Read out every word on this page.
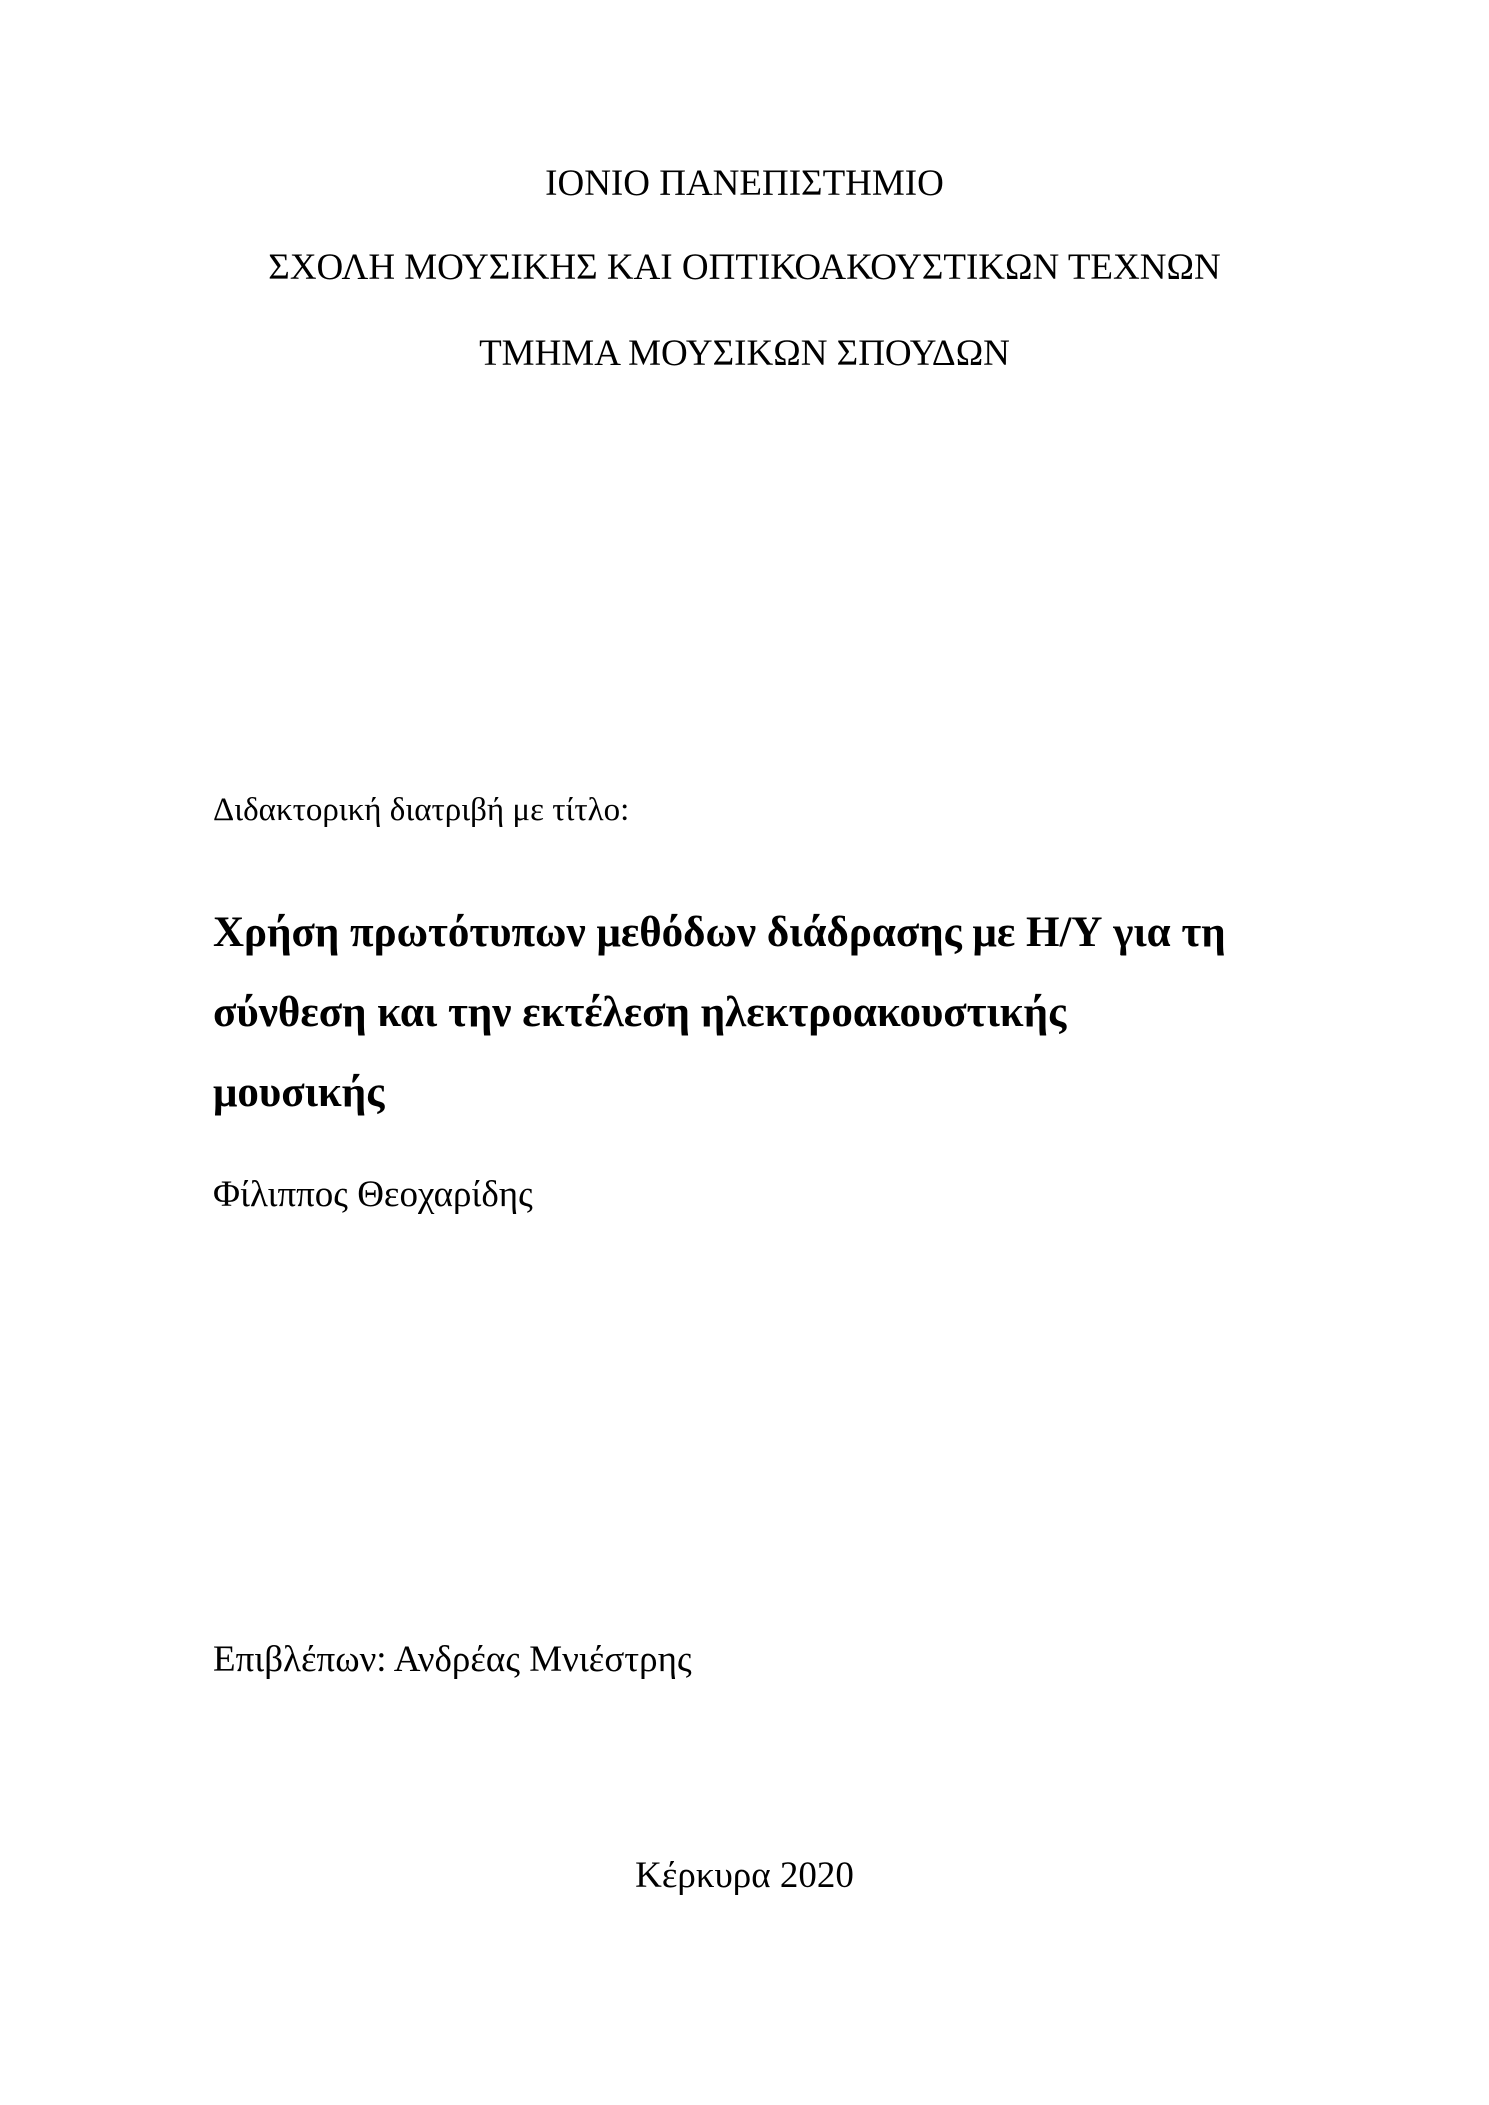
ΙΟΝΙΟ ΠΑΝΕΠΙΣΤΗΜΙΟ
ΣΧΟΛΗ ΜΟΥΣΙΚΗΣ ΚΑΙ ΟΠΤΙΚΟΑΚΟΥΣΤΙΚΩΝ ΤΕΧΝΩΝ
ΤΜΗΜΑ ΜΟΥΣΙΚΩΝ ΣΠΟΥΔΩΝ
Διδακτορική διατριβή με τίτλο:
Χρήση πρωτότυπων μεθόδων διάδρασης με Η/Υ για τη
σύνθεση και την εκτέλεση ηλεκτροακουστικής
μουσικής
Φίλιππος Θεοχαρίδης
Επιβλέπων: Ανδρέας Μνιέστρης
Κέρκυρα 2020
